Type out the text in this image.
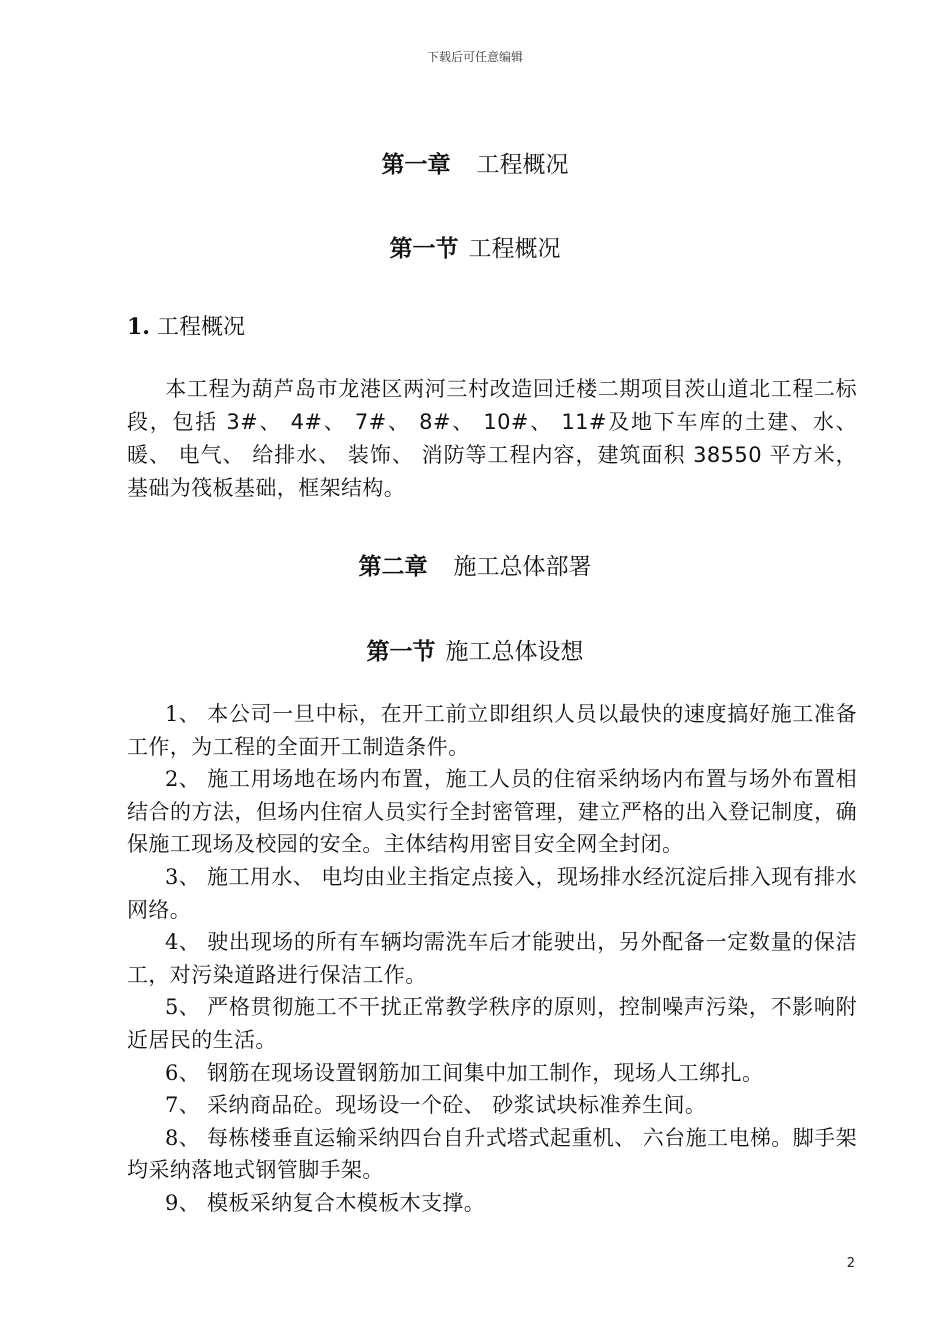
下载后可任意编辑
第一章 工程概况
第一节 工程概况
1. 工程概况
本工程为葫芦岛市龙港区两河三村改造回迁楼二期项目茨山道北工程二标段，包括 3#、 4#、 7#、 8#、 10#、 11#及地下车库的土建、水、 暖、 电气、 给排水、 装饰、 消防等工程内容，建筑面积 38550 平方米，基础为筏板基础，框架结构。
第二章 施工总体部署
第一节 施工总体设想

1、 本公司一旦中标，在开工前立即组织人员以最快的速度搞好施工准备工作，为工程的全面开工制造条件。

2、 施工用场地在场内布置，施工人员的住宿采纳场内布置与场外布置相结合的方法，但场内住宿人员实行全封密管理，建立严格的出入登记制度，确保施工现场及校园的安全。主体结构用密目安全网全封闭。

3、 施工用水、 电均由业主指定点接入，现场排水经沉淀后排入现有排水网络。

4、 驶出现场的所有车辆均需洗车后才能驶出，另外配备一定数量的保洁工，对污染道路进行保洁工作。

5、 严格贯彻施工不干扰正常教学秩序的原则，控制噪声污染，不影响附近居民的生活。

6、 钢筋在现场设置钢筋加工间集中加工制作，现场人工绑扎。

7、 采纳商品砼。现场设一个砼、 砂浆试块标准养生间。

8、 每栋楼垂直运输采纳四台自升式塔式起重机、 六台施工电梯。脚手架均采纳落地式钢管脚手架。

9、 模板采纳复合木模板木支撑。

2
